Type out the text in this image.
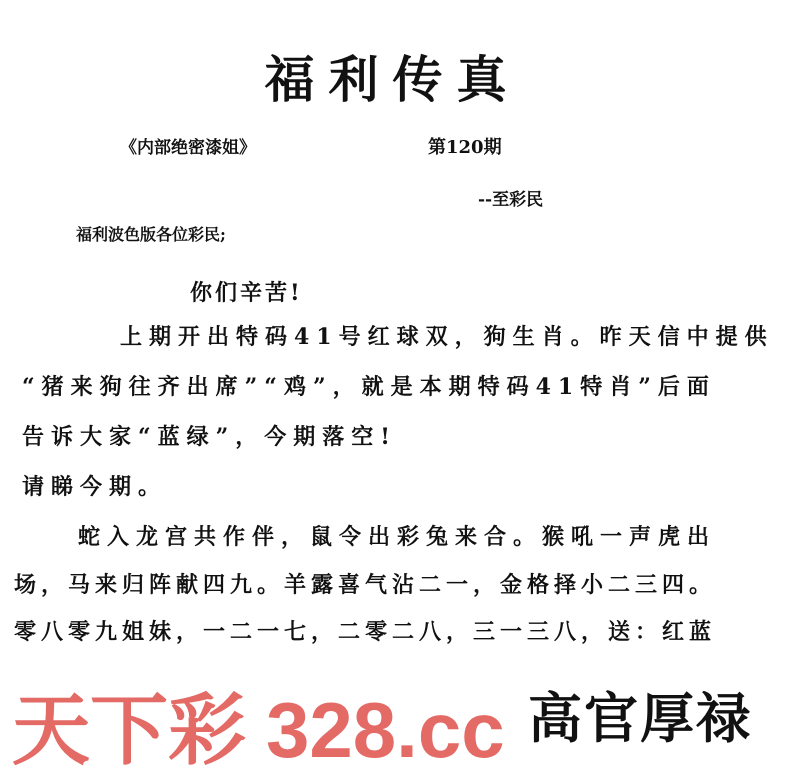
福利传真
《内部绝密漆姐》	第120期
--至彩民
福利波色版各位彩民;
你们辛苦!
上期开出特码41号红球双，狗生肖。昨天信中提供
“猪来狗往齐出席”“鸡”，就是本期特码41特肖”后面
告诉大家“蓝绿”，今期落空!
请睇今期。
蛇入龙宫共作伴，鼠令出彩兔来合。猴吼一声虎出
场，马来归阵献四九。羊露喜气沾二一，金格择小二三四。
零八零九姐妹，一二一七，二零二八，三一三八，送：红蓝
天下彩 328.cc 高官厚禄
